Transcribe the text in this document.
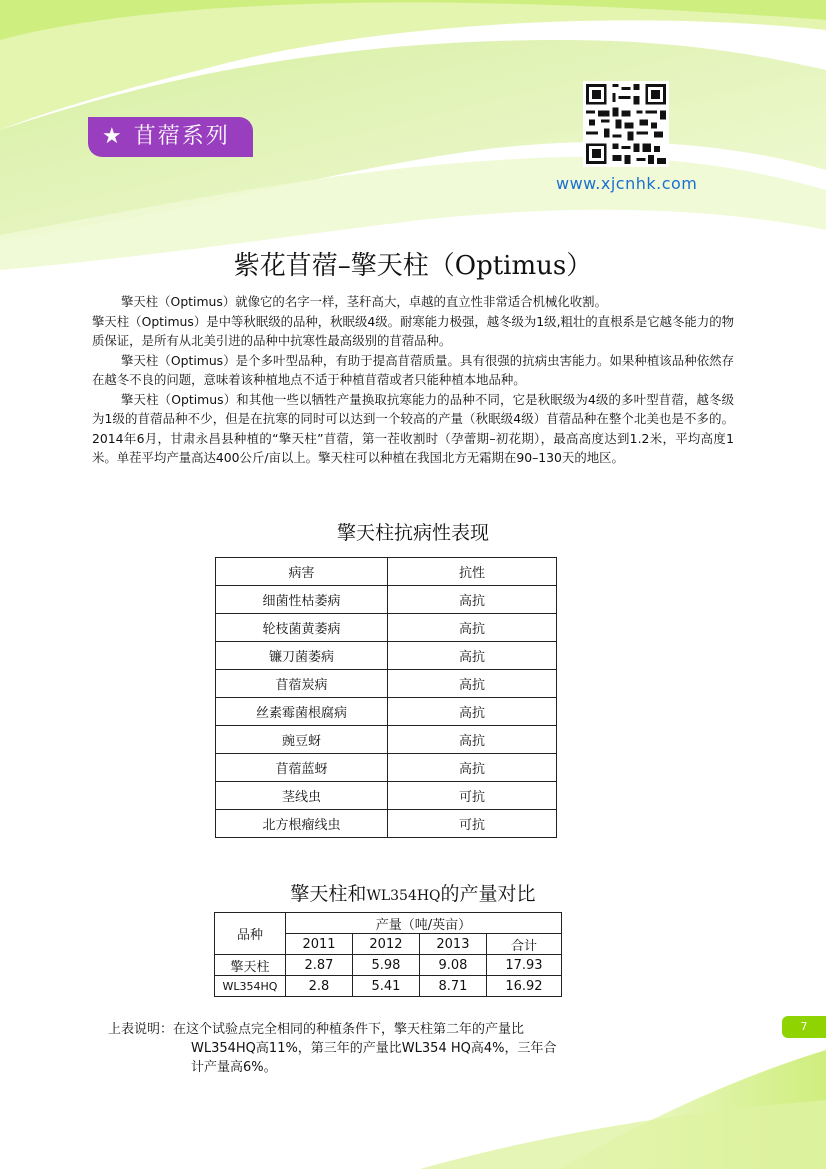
★ 苜蓿系列
www.xjcnhk.com
紫花苜蓿–擎天柱（Optimus）

擎天柱（Optimus）就像它的名字一样，茎秆高大，卓越的直立性非常适合机械化收割。

擎天柱（Optimus）是中等秋眠级的品种，秋眠级4级。耐寒能力极强，越冬级为1级,粗壮的直根系是它越冬能力的物质保证，是所有从北美引进的品种中抗寒性最高级别的苜蓿品种。

擎天柱（Optimus）是个多叶型品种，有助于提高苜蓿质量。具有很强的抗病虫害能力。如果种植该品种依然存在越冬不良的问题，意味着该种植地点不适于种植苜蓿或者只能种植本地品种。

擎天柱（Optimus）和其他一些以牺牲产量换取抗寒能力的品种不同，它是秋眠级为4级的多叶型苜蓿，越冬级为1级的苜蓿品种不少，但是在抗寒的同时可以达到一个较高的产量（秋眠级4级）苜蓿品种在整个北美也是不多的。2014年6月，甘肃永昌县种植的“擎天柱”苜蓿，第一茬收割时（孕蕾期–初花期），最高高度达到1.2米，平均高度1米。单茬平均产量高达400公斤/亩以上。擎天柱可以种植在我国北方无霜期在90–130天的地区。

擎天柱抗病性表现
病害	抗性
细菌性枯萎病	高抗
轮枝菌黄萎病	高抗
镰刀菌萎病	高抗
苜蓿炭病	高抗
丝素霉菌根腐病	高抗
豌豆蚜	高抗
苜蓿蓝蚜	高抗
茎线虫	可抗
北方根瘤线虫	可抗
擎天柱和WL354HQ的产量对比
品种	产量（吨/英亩）			
	2011	2012	2013	合计
擎天柱	2.87	5.98	9.08	17.93
WL354HQ	2.8	5.41	8.71	16.92
上表说明： 在这个试验点完全相同的种植条件下，擎天柱第二年的产量比
WL354HQ高11%，第三年的产量比WL354 HQ高4%，三年合
计产量高6%。
7
